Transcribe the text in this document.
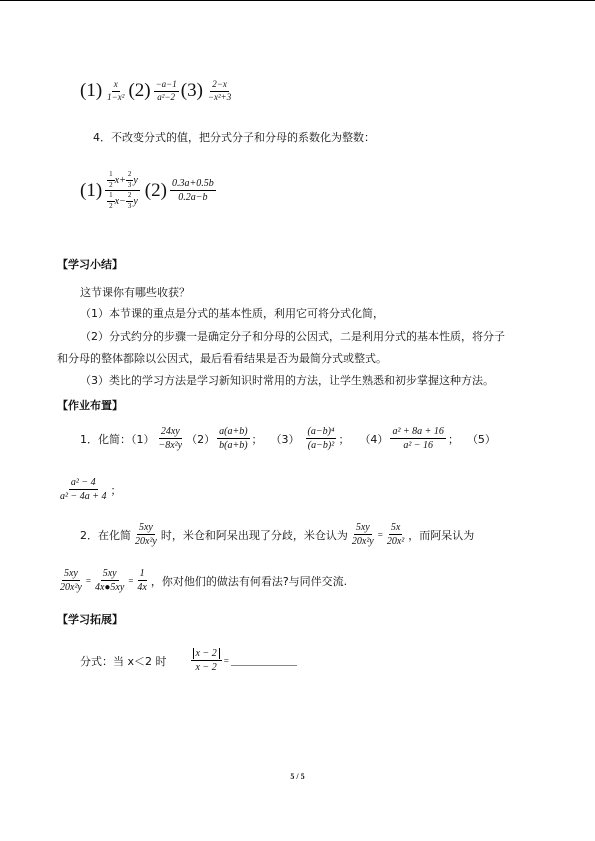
$(1) \frac{x}{\text{1−x²}} (2) \frac{-a-1}{\text{a²−2}} (3) \frac{2-x}{\text{−x²+3}}$
4．不改变分式的值，把分式分子和分母的系数化为整数：
$(1) \frac{1}{2} x+ \frac{2}{3}$ y
$\frac{1}{2} x- \frac{2}{3}$ y
$(2) \frac{0.3a+0.5b}{0.2a-b}$
【学习小结】
这节课你有哪些收获？
（1）本节课的重点是分式的基本性质，利用它可将分式化简，
（2）分式约分的步骤一是确定分子和分母的公因式，二是利用分式的基本性质，将分子
和分母的整体都除以公因式，最后看看结果是否为最简分式或整式。
（3）类比的学习方法是学习新知识时常用的方法，让学生熟悉和初步掌握这种方法。
【作业布置】
1．化简：$(1) \frac{24xy}{\text{−8x²y}} (2) \frac{a(a+b)}{b(a+b)}$ ； $(3) \frac{\text{(a−b)⁴}}{\text{(a−b)²}}$ ； $(4) \frac{\text{a² + 8a + 16}}{\text{a² − 16}}$ ； （5）
$\frac{\text{a² − 4}}{\text{a² − 4a + 4}}$ ；
2．在化简 $\frac{5xy}{\text{20x²y}}$ 时，米仓和阿呆出现了分歧，米仓认为 $\frac{5xy}{\text{20x²y}} = \frac{5x}{\text{20x²}}$ ，而阿呆认为
$\frac{5xy}{\text{20x²y}} = \frac{5xy}{4x●5xy} = \frac{1}{4x}$ ，你对他们的做法有何看法?与同伴交流.
【学习拓展】
分式：当 x＜2 时 $\frac{x - 2}{x - 2}$ =
5 / 5
